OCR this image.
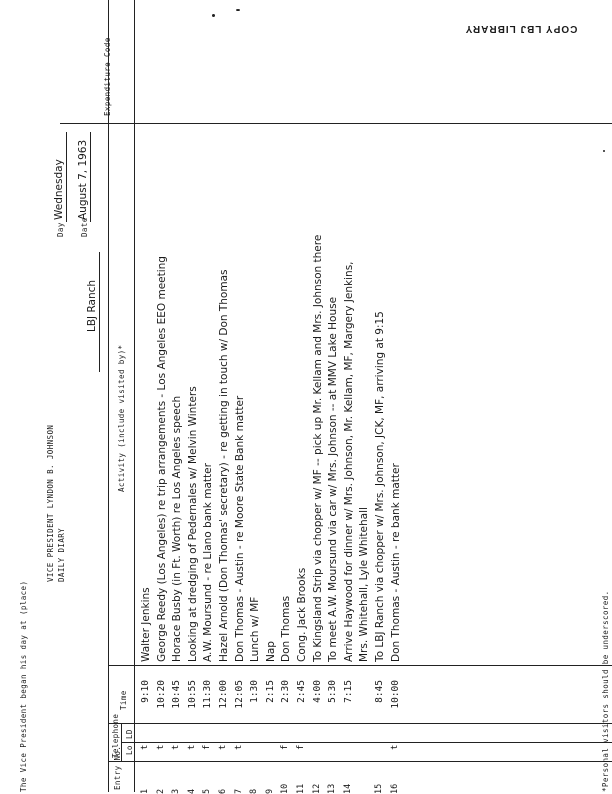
COPY LBJ LIBRARY
VICE PRESIDENT LYNDON B. JOHNSON DAILY DIARY
The Vice President began his day at (place)
LBJ Ranch
Day
Wednesday
Date
August 7, 1963
Entry No.
Telephone Lo
LD
Time
Activity (include visited by)*
Expenditure Code
1
9:10
t
Walter Jenkins
2
10:20
t
George Reedy (Los Angeles) re trip arrangements - Los Angeles EEO meeting
3
10:45
t
Horace Busby (in Ft. Worth) re Los Angeles speech
4
10:55
t
Looking at dredging of Pedernales w/ Melvin Winters
5
11:30
f
A.W. Moursund - re Llano bank matter
6
12:00
t
Hazel Arnold (Don Thomas' secretary) - re getting in touch w/ Don Thomas
7
12:05
t
Don Thomas - Austin - re Moore State Bank matter
8
1:30
Lunch w/ MF
9
2:15
Nap
10
2:30
f
Don Thomas
11
2:45
f
Cong. Jack Brooks
12
4:00
To Kingsland Strip via chopper w/ MF -- pick up Mr. Kellam and Mrs. Johnson there
13
5:30
To meet A.W. Moursund via car w/ Mrs. Johnson -- at MMV Lake House
14
7:15
Arrive Haywood for dinner w/ Mrs. Johnson, Mr. Kellam, MF, Margery Jenkins, Mrs. Whitehall, Lyle Whitehall
15
8:45
To LBJ Ranch via chopper w/ Mrs. Johnson, JCK, MF, arriving at 9:15
16
10:00
t
Don Thomas - Austin - re bank matter
*Personal visitors should be underscored.
